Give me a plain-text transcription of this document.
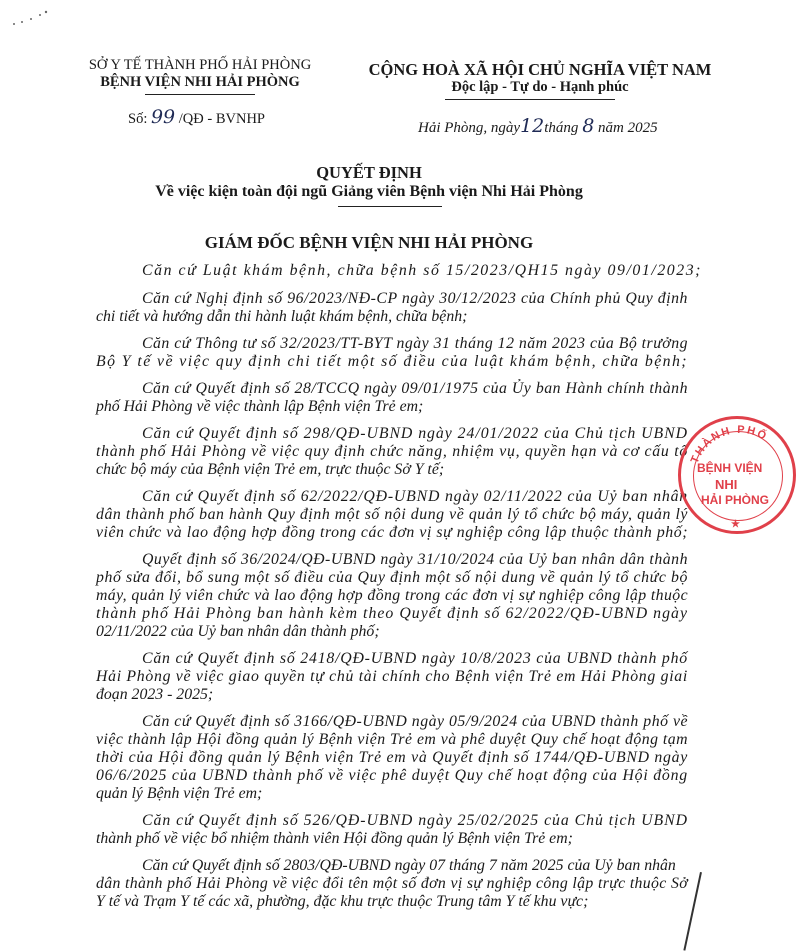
SỞ Y TẾ THÀNH PHỐ HẢI PHÒNG
BỆNH VIỆN NHI HẢI PHÒNG
CỘNG HOÀ XÃ HỘI CHỦ NGHĨA VIỆT NAM
Độc lập - Tự do - Hạnh phúc
Số: 99 /QĐ - BVNHP
Hải Phòng, ngày12tháng 8 năm 2025
QUYẾT ĐỊNH
Về việc kiện toàn đội ngũ Giảng viên Bệnh viện Nhi Hải Phòng
GIÁM ĐỐC BỆNH VIỆN NHI HẢI PHÒNG
Căn cứ Luật khám bệnh, chữa bệnh số 15/2023/QH15 ngày 09/01/2023;
Căn cứ Nghị định số 96/2023/NĐ-CP ngày 30/12/2023 của Chính phủ Quy định
chi tiết và hướng dẫn thi hành luật khám bệnh, chữa bệnh;
Căn cứ Thông tư số 32/2023/TT-BYT ngày 31 tháng 12 năm 2023 của Bộ trưởng
Bộ Y tế về việc quy định chi tiết một số điều của luật khám bệnh, chữa bệnh;
Căn cứ Quyết định số 28/TCCQ ngày 09/01/1975 của Ủy ban Hành chính thành
phố Hải Phòng về việc thành lập Bệnh viện Trẻ em;
Căn cứ Quyết định số 298/QĐ-UBND ngày 24/01/2022 của Chủ tịch UBND
thành phố Hải Phòng về việc quy định chức năng, nhiệm vụ, quyền hạn và cơ cấu tổ
chức bộ máy của Bệnh viện Trẻ em, trực thuộc Sở Y tế;
Căn cứ Quyết định số 62/2022/QĐ-UBND ngày 02/11/2022 của Uỷ ban nhân
dân thành phố ban hành Quy định một số nội dung về quản lý tổ chức bộ máy, quản lý
viên chức và lao động hợp đồng trong các đơn vị sự nghiệp công lập thuộc thành phố;
Quyết định số 36/2024/QĐ-UBND ngày 31/10/2024 của Uỷ ban nhân dân thành
phố sửa đổi, bổ sung một số điều của Quy định một số nội dung về quản lý tổ chức bộ
máy, quản lý viên chức và lao động hợp đồng trong các đơn vị sự nghiệp công lập thuộc
thành phố Hải Phòng ban hành kèm theo Quyết định số 62/2022/QĐ-UBND ngày
02/11/2022 của Uỷ ban nhân dân thành phố;
Căn cứ Quyết định số 2418/QĐ-UBND ngày 10/8/2023 của UBND thành phố
Hải Phòng về việc giao quyền tự chủ tài chính cho Bệnh viện Trẻ em Hải Phòng giai
đoạn 2023 - 2025;
Căn cứ Quyết định số 3166/QĐ-UBND ngày 05/9/2024 của UBND thành phố về
việc thành lập Hội đồng quản lý Bệnh viện Trẻ em và phê duyệt Quy chế hoạt động tạm
thời của Hội đồng quản lý Bệnh viện Trẻ em và Quyết định số 1744/QĐ-UBND ngày
06/6/2025 của UBND thành phố về việc phê duyệt Quy chế hoạt động của Hội đồng
quản lý Bệnh viện Trẻ em;
Căn cứ Quyết định số 526/QĐ-UBND ngày 25/02/2025 của Chủ tịch UBND
thành phố về việc bổ nhiệm thành viên Hội đồng quản lý Bệnh viện Trẻ em;
Căn cứ Quyết định số 2803/QĐ-UBND ngày 07 tháng 7 năm 2025 của Uỷ ban nhân
dân thành phố Hải Phòng về việc đổi tên một số đơn vị sự nghiệp công lập trực thuộc Sở
Y tế và Trạm Y tế các xã, phường, đặc khu trực thuộc Trung tâm Y tế khu vực;
THÀNH PHỐ
BỆNH VIỆN
NHI
HẢI PHÒNG
★
